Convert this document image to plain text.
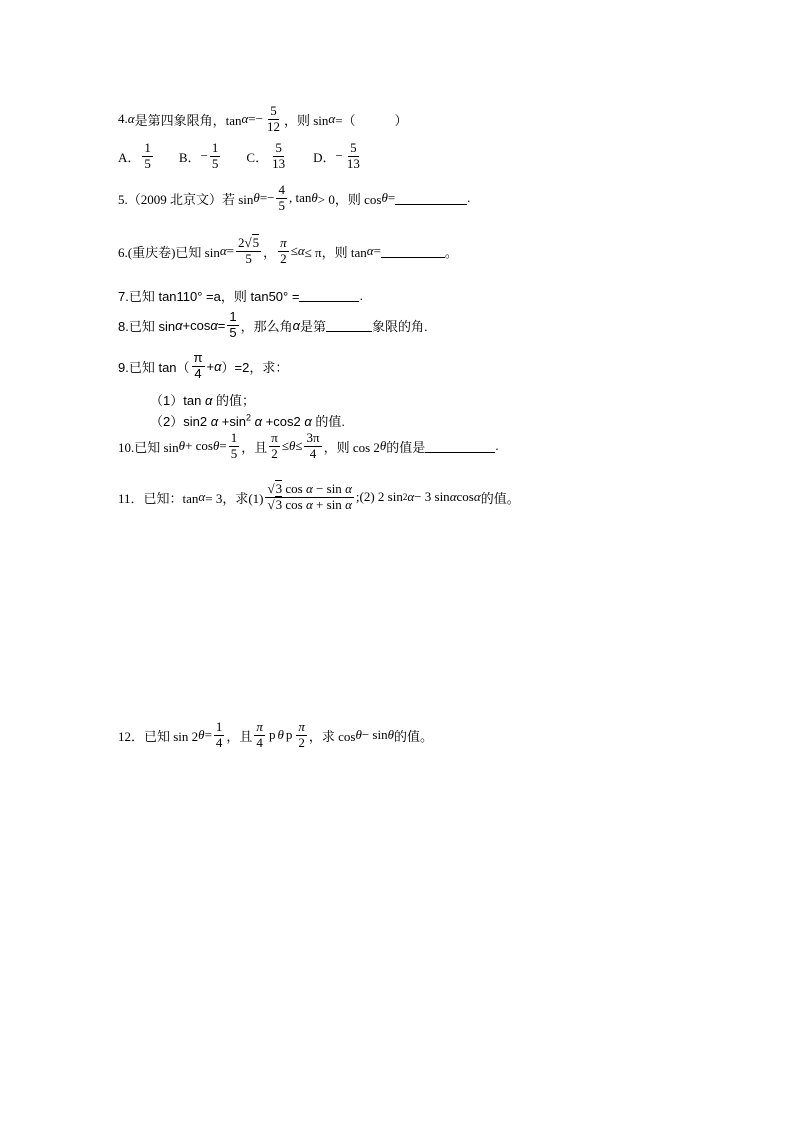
4. α 是第四象限角，$\tan \alpha =- \frac{5}{12}$ ，则 sin α =（　　　）
A． $\frac{1}{5}$ B． − $\frac{1}{5}$ C． $\frac{5}{13}$ D． − $\frac{5}{13}$
5.（2009 北京文）若 $\sin \theta =- \frac{4}{5}$ , tan θ > 0，则 cos θ =	.
6.(重庆卷)已知 $\sin \alpha = \frac{2√5}{5}$ ， $\frac{\pi}{2} \le \alpha \le \pi$，则 tan α =	。
7.已知 tan110° =a，则 tan50° =	.
8.已知 sin α +cos $\alpha = \frac{1}{5}$ ，那么角 α 是第	象限的角.
9.已知 $\tan( \frac{\pi}{4} + \alpha$ ）=2，求：
（1）tan α 的值；
（2）sin2 $\alpha +\sin^2$ α +cos2 α 的值.
10.已知 $\sin \theta + \cos \theta = \frac{1}{5}$ ，且 $\frac{\pi}{2} \le \theta \le \frac{3\pi}{4}$ ，则 cos 2 θ 的值是	.
11．已知：tan α = 3，求$(1) \frac{\text{√3 cos α − sin α}}{\text{√3 cos α + sin α}}$ ;(2) 2 sin 2 α − 3 sin α cos α 的值。
12．已知 sin 2 $\theta = \frac{1}{4}$ ，且 $\frac{\pi}{4}$ p θ p $\frac{\pi}{2}$ ，求 cos θ − sin θ 的值。
